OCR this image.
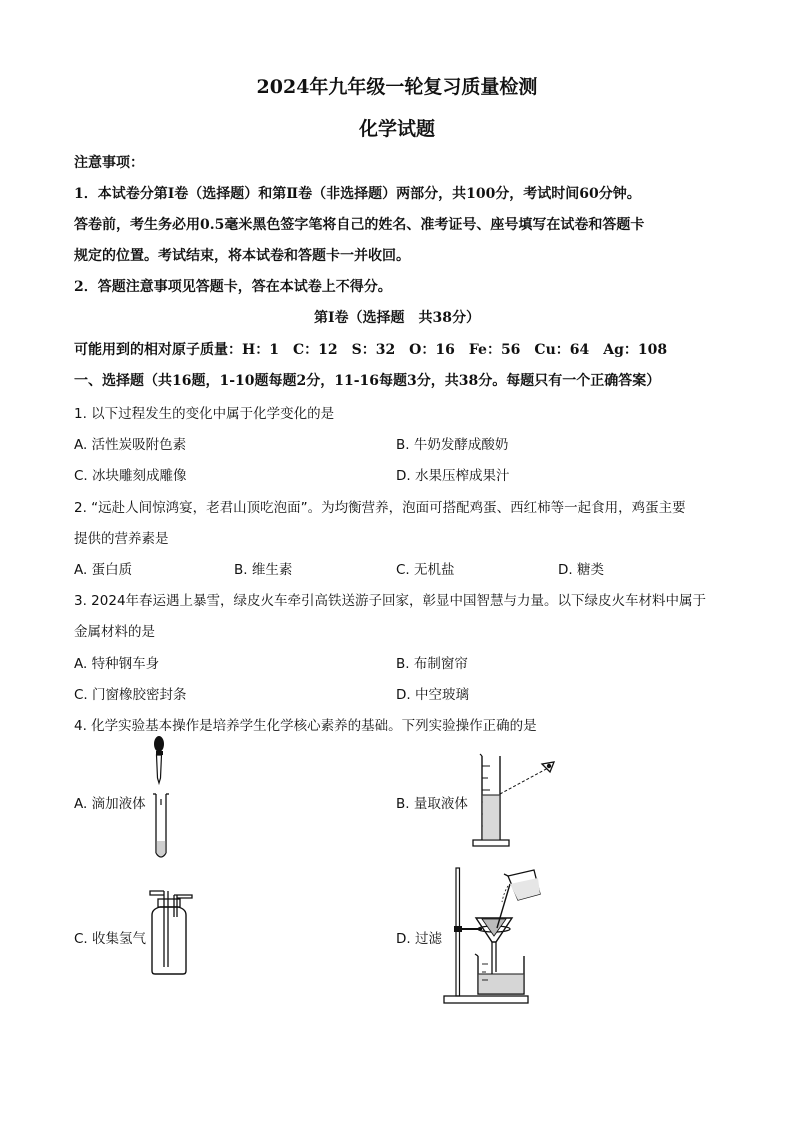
2024年九年级一轮复习质量检测
化学试题
注意事项：
1．本试卷分第Ⅰ卷（选择题）和第Ⅱ卷（非选择题）两部分，共100分，考试时间60分钟。
答卷前，考生务必用0.5毫米黑色签字笔将自己的姓名、准考证号、座号填写在试卷和答题卡
规定的位置。考试结束，将本试卷和答题卡一并收回。
2．答题注意事项见答题卡，答在本试卷上不得分。
第Ⅰ卷（选择题　共38分）
可能用到的相对原子质量：H：1　C：12　S：32　O：16　Fe：56　Cu：64　Ag：108
一、选择题（共16题，1-10题每题2分，11-16每题3分，共38分。每题只有一个正确答案）
1. 以下过程发生的变化中属于化学变化的是
A. 活性炭吸附色素	B. 牛奶发酵成酸奶
C. 冰块雕刻成雕像	D. 水果压榨成果汁
2. “远赴人间惊鸿宴，老君山顶吃泡面”。为均衡营养，泡面可搭配鸡蛋、西红柿等一起食用，鸡蛋主要
提供的营养素是
A. 蛋白质	B. 维生素	C. 无机盐	D. 糖类
3. 2024年春运遇上暴雪，绿皮火车牵引高铁送游子回家，彰显中国智慧与力量。以下绿皮火车材料中属于
金属材料的是
A. 特种钢车身	B. 布制窗帘
C. 门窗橡胶密封条	D. 中空玻璃
4. 化学实验基本操作是培养学生化学核心素养的基础。下列实验操作正确的是
A. 滴加液体	B. 量取液体
C. 收集氢气	D. 过滤
